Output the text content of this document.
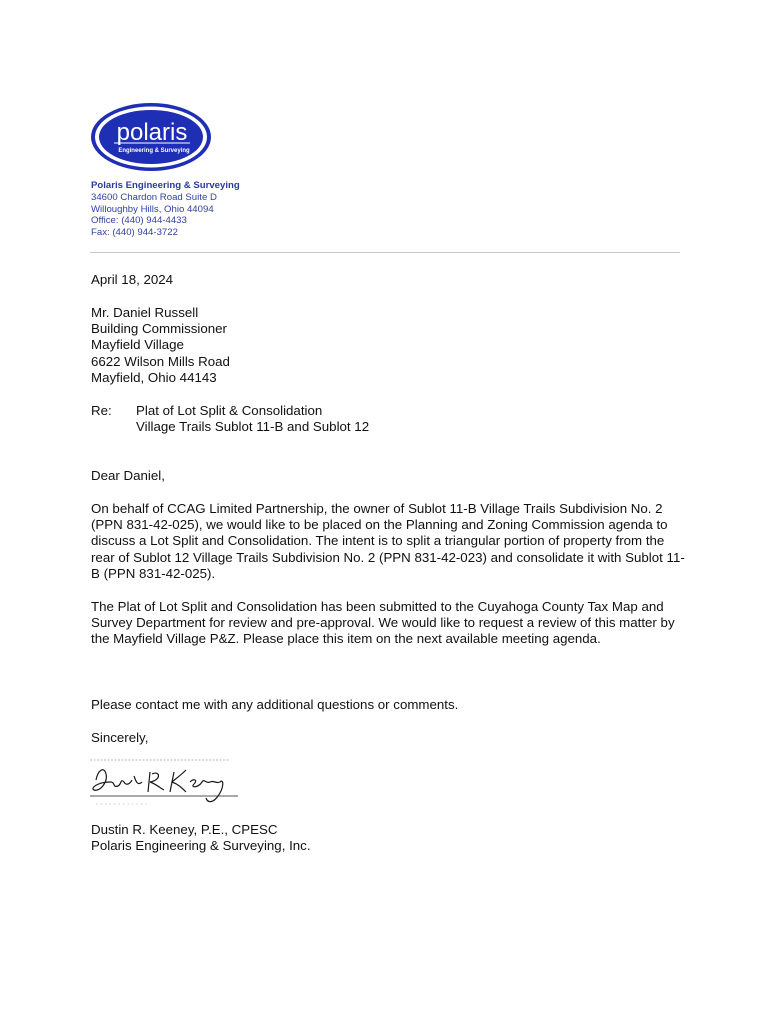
polaris
Engineering & Surveying
Polaris Engineering & Surveying
34600 Chardon Road Suite D
Willoughby Hills, Ohio 44094
Office: (440) 944-4433
Fax: (440) 944-3722
April 18, 2024
Mr. Daniel Russell
Building Commissioner
Mayfield Village
6622 Wilson Mills Road
Mayfield, Ohio 44143
Re: Plat of Lot Split & Consolidation
Village Trails Sublot 11-B and Sublot 12
Dear Daniel,
On behalf of CCAG Limited Partnership, the owner of Sublot 11-B Village Trails Subdivision No. 2 (PPN 831-42-025), we would like to be placed on the Planning and Zoning Commission agenda to discuss a Lot Split and Consolidation. The intent is to split a triangular portion of property from the rear of Sublot 12 Village Trails Subdivision No. 2 (PPN 831-42-023) and consolidate it with Sublot 11-B (PPN 831-42-025).
The Plat of Lot Split and Consolidation has been submitted to the Cuyahoga County Tax Map and Survey Department for review and pre-approval. We would like to request a review of this matter by the Mayfield Village P&Z. Please place this item on the next available meeting agenda.
Please contact me with any additional questions or comments.
Sincerely,
Dustin R. Keeney, P.E., CPESC
Polaris Engineering & Surveying, Inc.
